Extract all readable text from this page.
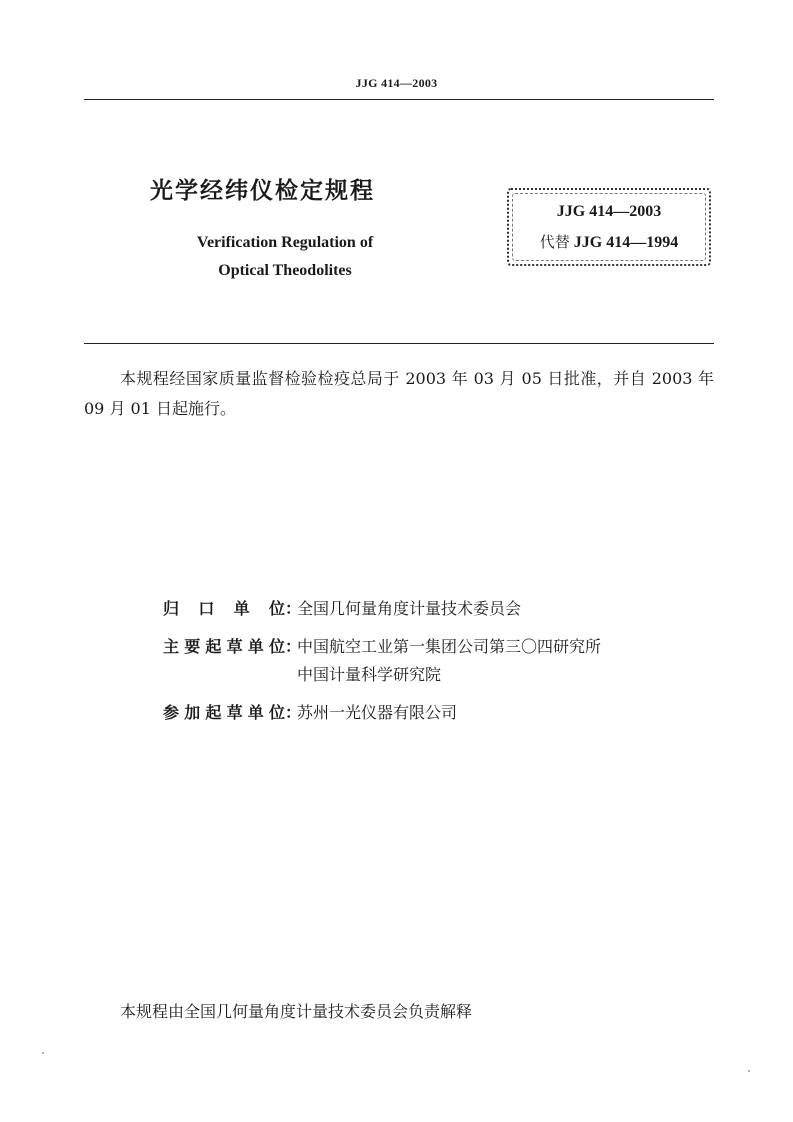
JJG 414—2003
光学经纬仪检定规程
Verification Regulation of
Optical Theodolites
JJG 414—2003
代替 JJG 414—1994
本规程经国家质量监督检验检疫总局于 2003 年 03 月 05 日批准，并自 2003 年 09 月 01 日起施行。
归口单位：全国几何量角度计量技术委员会
主要起草单位：中国航空工业第一集团公司第三〇四研究所
中国计量科学研究院
参加起草单位：苏州一光仪器有限公司
本规程由全国几何量角度计量技术委员会负责解释
